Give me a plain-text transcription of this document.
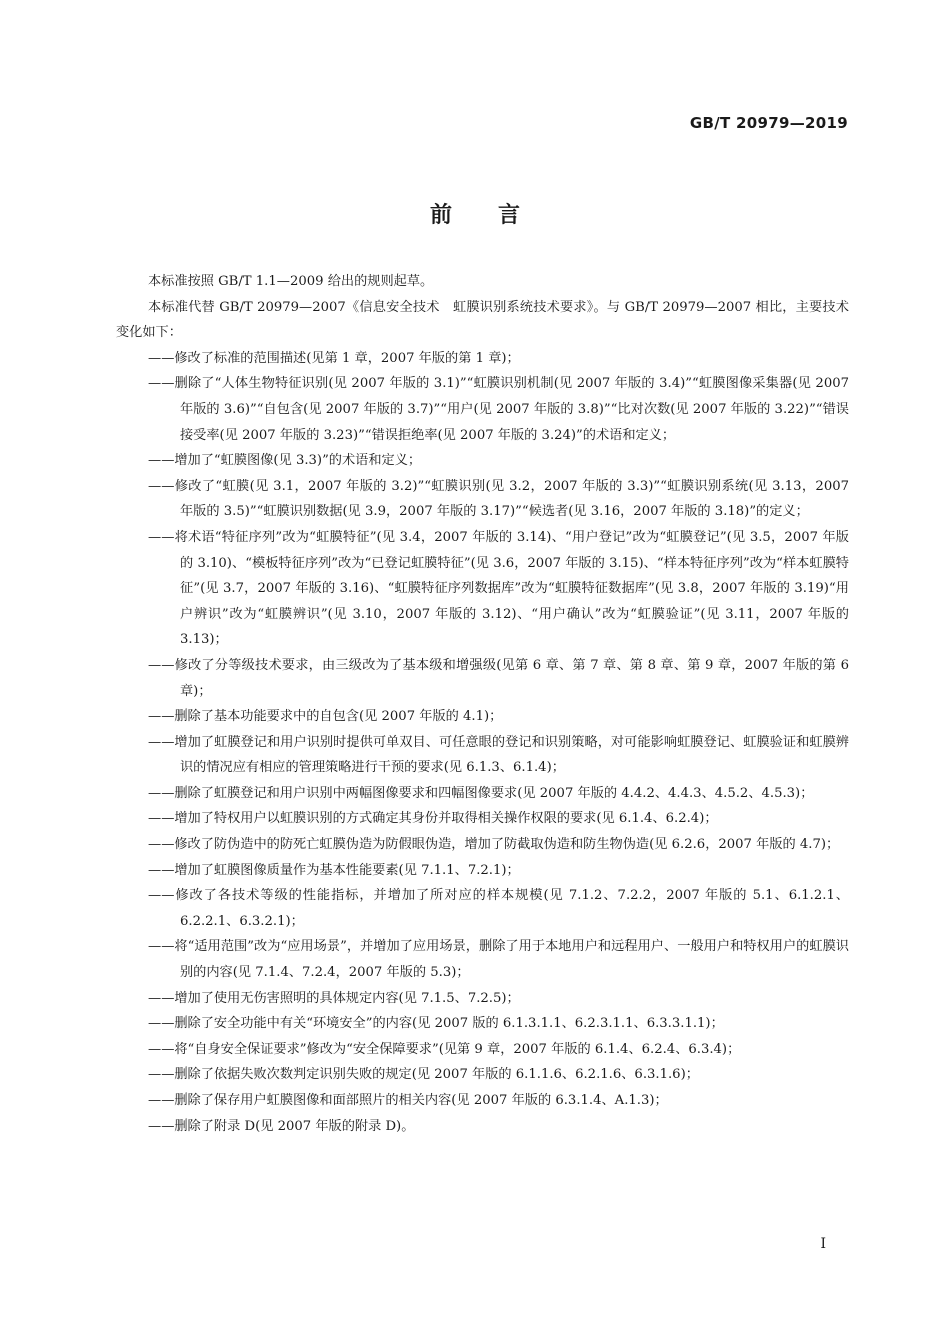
GB/T 20979—2019
前 言

本标准按照 GB/T 1.1—2009 给出的规则起草。

本标准代替 GB/T 20979—2007《信息安全技术　虹膜识别系统技术要求》。与 GB/T 20979—2007 相比，主要技术变化如下：

——修改了标准的范围描述(见第 1 章，2007 年版的第 1 章)；

——删除了“人体生物特征识别(见 2007 年版的 3.1)”“虹膜识别机制(见 2007 年版的 3.4)”“虹膜图像采集器(见 2007 年版的 3.6)”“自包含(见 2007 年版的 3.7)”“用户(见 2007 年版的 3.8)”“比对次数(见 2007 年版的 3.22)”“错误接受率(见 2007 年版的 3.23)”“错误拒绝率(见 2007 年版的 3.24)”的术语和定义；

——增加了“虹膜图像(见 3.3)”的术语和定义；

——修改了“虹膜(见 3.1，2007 年版的 3.2)”“虹膜识别(见 3.2，2007 年版的 3.3)”“虹膜识别系统(见 3.13，2007 年版的 3.5)”“虹膜识别数据(见 3.9，2007 年版的 3.17)”“候选者(见 3.16，2007 年版的 3.18)”的定义；

——将术语“特征序列”改为“虹膜特征”(见 3.4，2007 年版的 3.14)、“用户登记”改为“虹膜登记”(见 3.5，2007 年版的 3.10)、“模板特征序列”改为“已登记虹膜特征”(见 3.6，2007 年版的 3.15)、“样本特征序列”改为“样本虹膜特征”(见 3.7，2007 年版的 3.16)、“虹膜特征序列数据库”改为“虹膜特征数据库”(见 3.8，2007 年版的 3.19)“用户辨识”改为“虹膜辨识”(见 3.10，2007 年版的 3.12)、“用户确认”改为“虹膜验证”(见 3.11，2007 年版的 3.13)；

——修改了分等级技术要求，由三级改为了基本级和增强级(见第 6 章、第 7 章、第 8 章、第 9 章，2007 年版的第 6 章)；

——删除了基本功能要求中的自包含(见 2007 年版的 4.1)；

——增加了虹膜登记和用户识别时提供可单双目、可任意眼的登记和识别策略，对可能影响虹膜登记、虹膜验证和虹膜辨识的情况应有相应的管理策略进行干预的要求(见 6.1.3、6.1.4)；

——删除了虹膜登记和用户识别中两幅图像要求和四幅图像要求(见 2007 年版的 4.4.2、4.4.3、4.5.2、4.5.3)；

——增加了特权用户以虹膜识别的方式确定其身份并取得相关操作权限的要求(见 6.1.4、6.2.4)；

——修改了防伪造中的防死亡虹膜伪造为防假眼伪造，增加了防截取伪造和防生物伪造(见 6.2.6，2007 年版的 4.7)；

——增加了虹膜图像质量作为基本性能要素(见 7.1.1、7.2.1)；

——修改了各技术等级的性能指标，并增加了所对应的样本规模(见 7.1.2、7.2.2，2007 年版的 5.1、6.1.2.1、6.2.2.1、6.3.2.1)；

——将“适用范围”改为“应用场景”，并增加了应用场景，删除了用于本地用户和远程用户、一般用户和特权用户的虹膜识别的内容(见 7.1.4、7.2.4，2007 年版的 5.3)；

——增加了使用无伤害照明的具体规定内容(见 7.1.5、7.2.5)；

——删除了安全功能中有关“环境安全”的内容(见 2007 版的 6.1.3.1.1、6.2.3.1.1、6.3.3.1.1)；

——将“自身安全保证要求”修改为“安全保障要求”(见第 9 章，2007 年版的 6.1.4、6.2.4、6.3.4)；

——删除了依据失败次数判定识别失败的规定(见 2007 年版的 6.1.1.6、6.2.1.6、6.3.1.6)；

——删除了保存用户虹膜图像和面部照片的相关内容(见 2007 年版的 6.3.1.4、A.1.3)；

——删除了附录 D(见 2007 年版的附录 D)。

I
